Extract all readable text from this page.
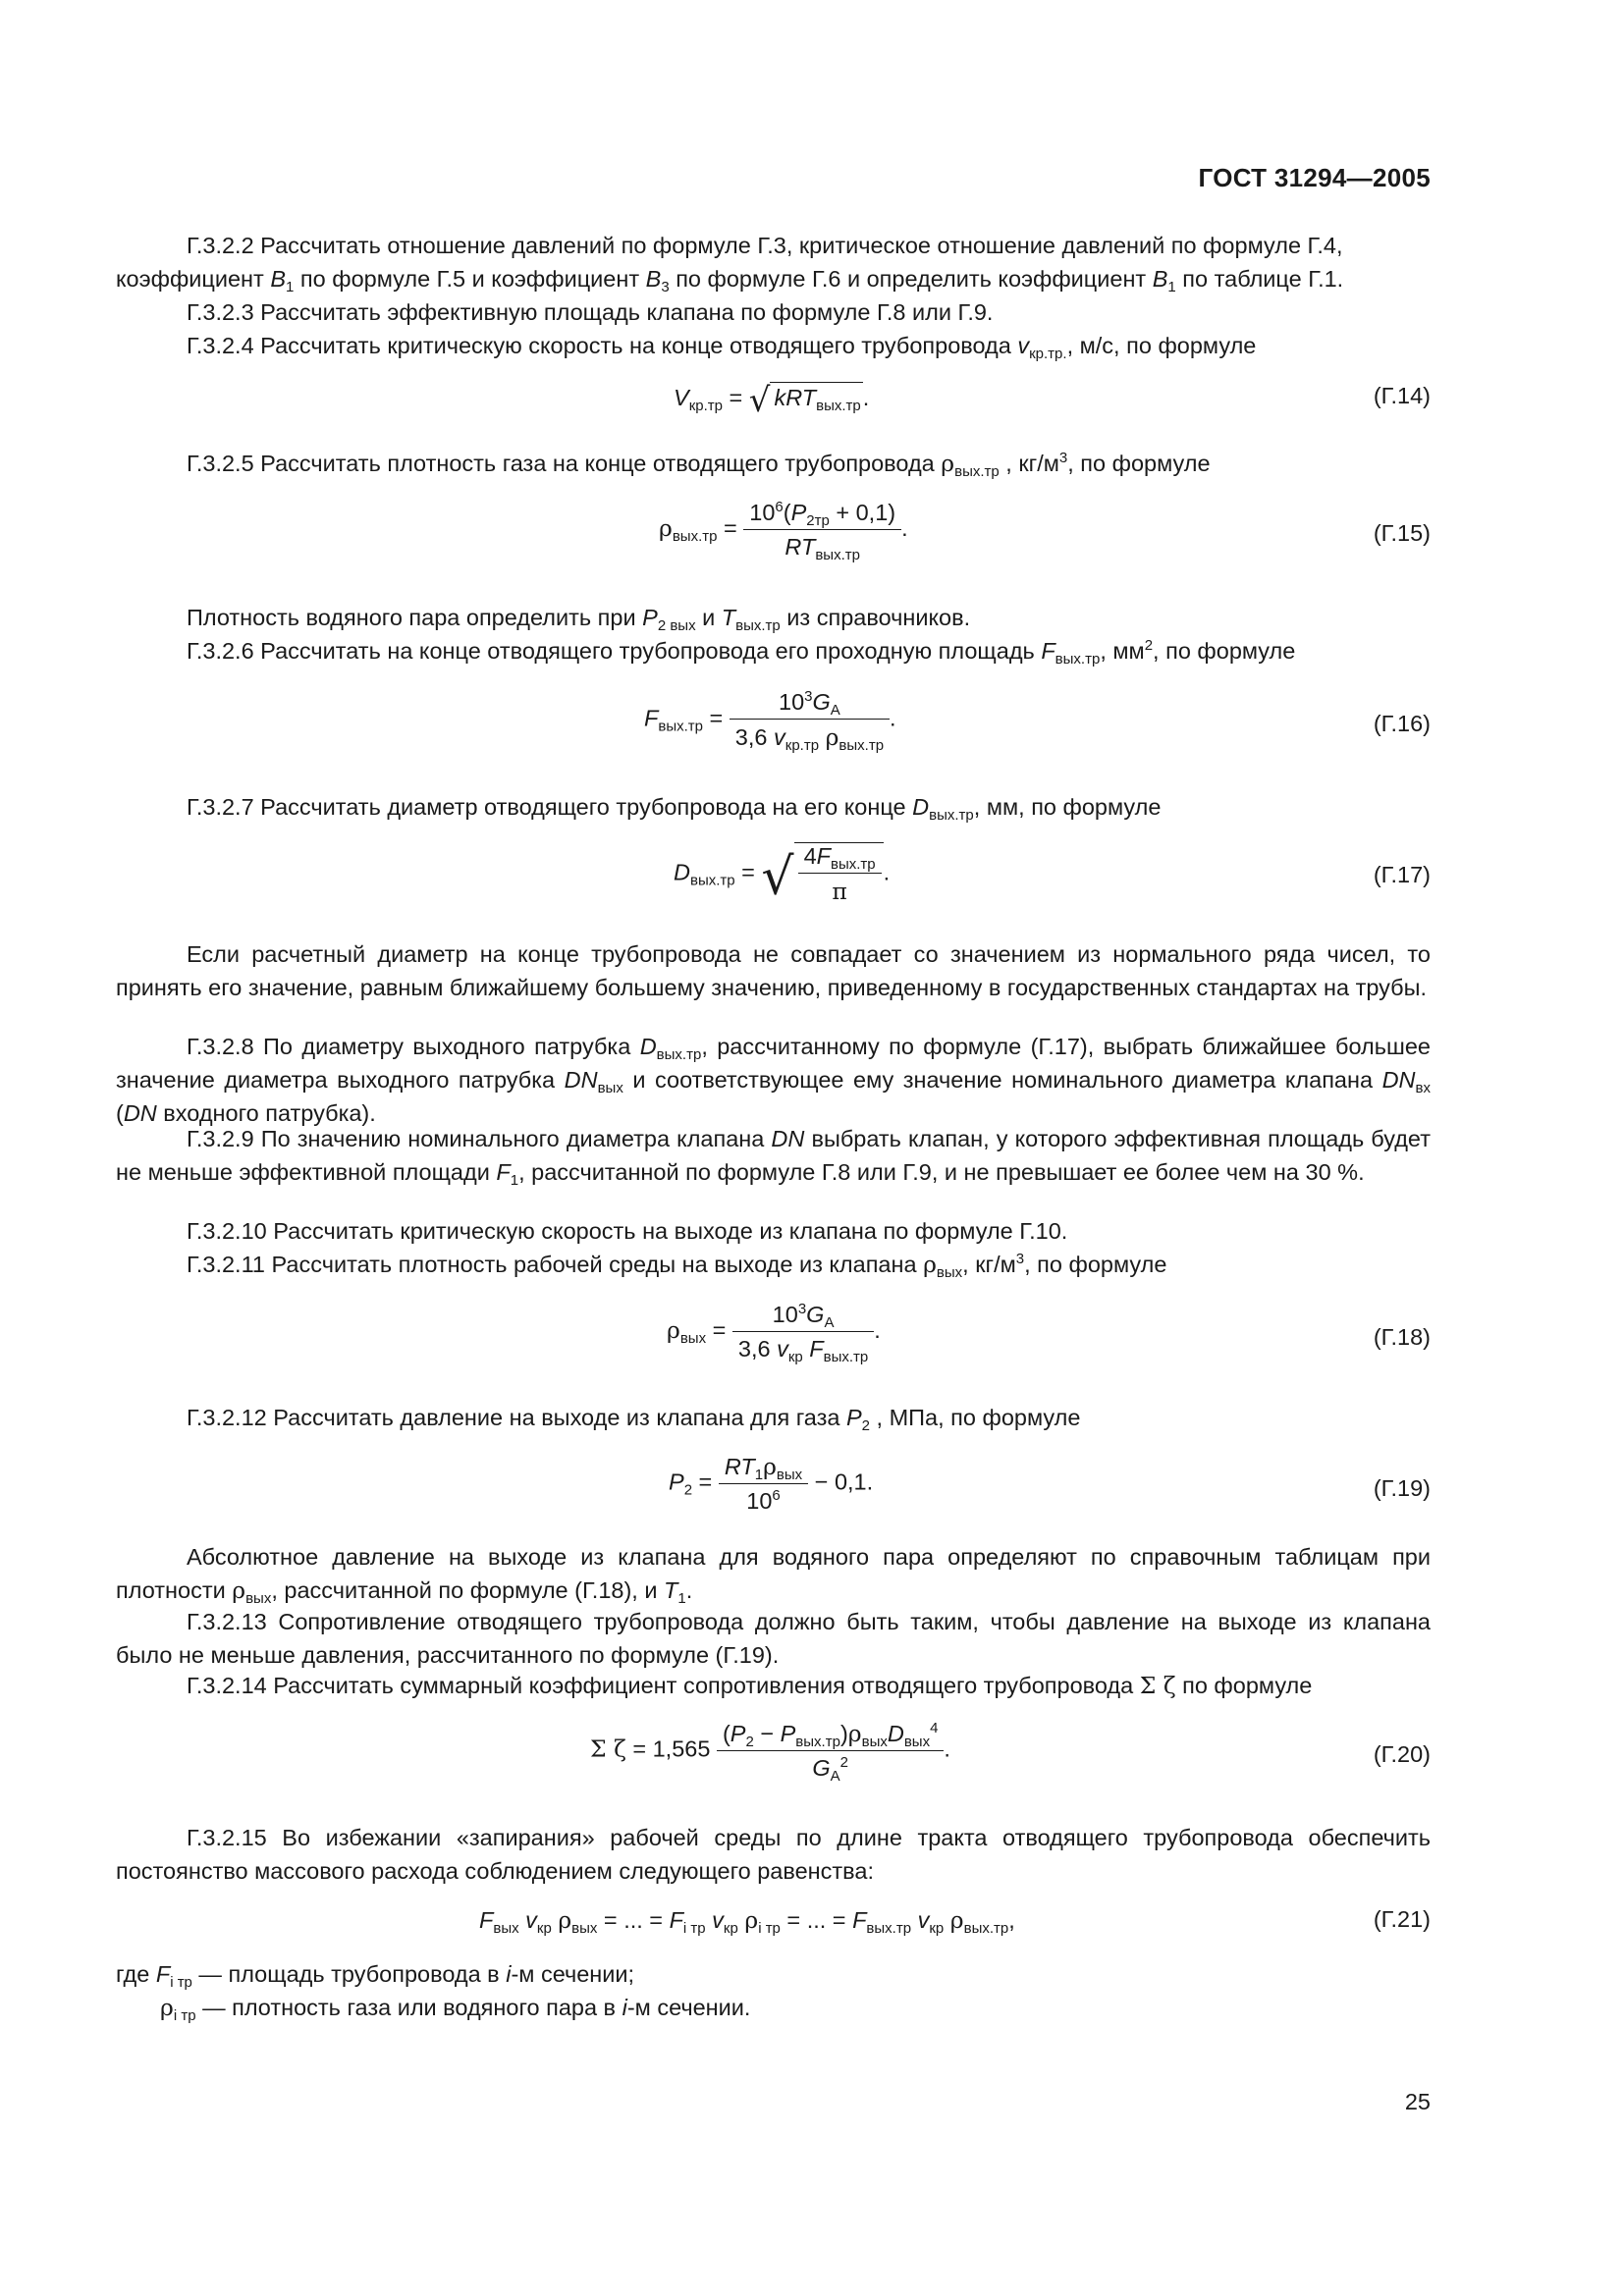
ГОСТ 31294—2005
Г.3.2.2 Рассчитать отношение давлений по формуле Г.3, критическое отношение давлений по формуле Г.4,
коэффициент $B_1$ по формуле Г.5 и коэффициент $B_3$ по формуле Г.6 и определить коэффициент $B_1$ по таблице Г.1.
Г.3.2.3 Рассчитать эффективную площадь клапана по формуле Г.8 или Г.9.
Г.3.2.4 Рассчитать критическую скорость на конце отводящего трубопровода $v_{кр.тр.}$, м/с, по формуле
$V_{кр.тр}$ = √ kRT$_{вых.тр}$.	(Г.14)
Г.3.2.5 Рассчитать плотность газа на конце отводящего трубопровода $\rho_{вых.тр}$ , $кг/м^3$, по формуле
$\rho_{вых.тр} = \frac{10^6(P_{2тр} + 0,1)}{RT_{вых.тр}}$ .	(Г.15)
Плотность водяного пара определить при $P_{2 вых}$ и $T_{вых.тр}$ из справочников.
Г.3.2.6 Рассчитать на конце отводящего трубопровода его проходную площадь $F_{вых.тр}$, $мм^2$, по формуле
$F_{вых.тр} = \frac{10^3G_A}{3,6 v_{кр.тр} \rho_{вых.тр}}$ .	(Г.16)
Г.3.2.7 Рассчитать диаметр отводящего трубопровода на его конце $D_{вых.тр}$, мм, по формуле
$D_{вых.тр}$ = √ $\frac{4F_{вых.тр}}{\pi}$ .	(Г.17)
Если расчетный диаметр на конце трубопровода не совпадает со значением из нормального ряда чисел, то принять его значение, равным ближайшему большему значению, приведенному в государственных стандартах на трубы.
Г.3.2.8 По диаметру выходного патрубка $D_{вых.тр}$, рассчитанному по формуле (Г.17), выбрать ближайшее большее значение диаметра выходного патрубка $DN_{вых}$ и соответствующее ему значение номинального диаметра клапана $DN_{вх}$ (DN входного патрубка).
Г.3.2.9 По значению номинального диаметра клапана DN выбрать клапан, у которого эффективная площадь будет не меньше эффективной площади $F_1$, рассчитанной по формуле Г.8 или Г.9, и не превышает ее более чем на 30 %.
Г.3.2.10 Рассчитать критическую скорость на выходе из клапана по формуле Г.10.
Г.3.2.11 Рассчитать плотность рабочей среды на выходе из клапана $\rho_{вых}$, $кг/м^3$, по формуле
$\rho_{вых} = \frac{10^3G_A}{3,6 v_{кр} F_{вых.тр}}$ .	(Г.18)
Г.3.2.12 Рассчитать давление на выходе из клапана для газа $P_2$ , МПа, по формуле
$P_2 = \frac{RT_1\rho_{вых}}{10^6} - 0,1$.	(Г.19)
Абсолютное давление на выходе из клапана для водяного пара определяют по справочным таблицам при плотности $\rho_{вых}$, рассчитанной по формуле (Г.18), и $T_1$.
Г.3.2.13 Сопротивление отводящего трубопровода должно быть таким, чтобы давление на выходе из клапана было не меньше давления, рассчитанного по формуле (Г.19).
Г.3.2.14 Рассчитать суммарный коэффициент сопротивления отводящего трубопровода Σ ζ по формуле
Σ $\zeta = 1,565 \frac{(P_2 - P_{вых.тр})\rho_{вых}D_{вых}^4}{G_A^2}$ .	(Г.20)
Г.3.2.15 Во избежании «запирания» рабочей среды по длине тракта отводящего трубопровода обеспечить постоянство массового расхода соблюдением следующего равенства:
$F_{вых}$ $v_{кр}$ $\rho_{вых}$ = ... = $F_{i тр}$ $v_{кр}$ $\rho_{i тр}$ = ... = $F_{вых.тр}$ $v_{кр}$ $\rho_{вых.тр}$,	(Г.21)
где $F_{i тр}$ — площадь трубопровода в i-м сечении;
$\rho_{i тр}$ — плотность газа или водяного пара в i-м сечении.
25
